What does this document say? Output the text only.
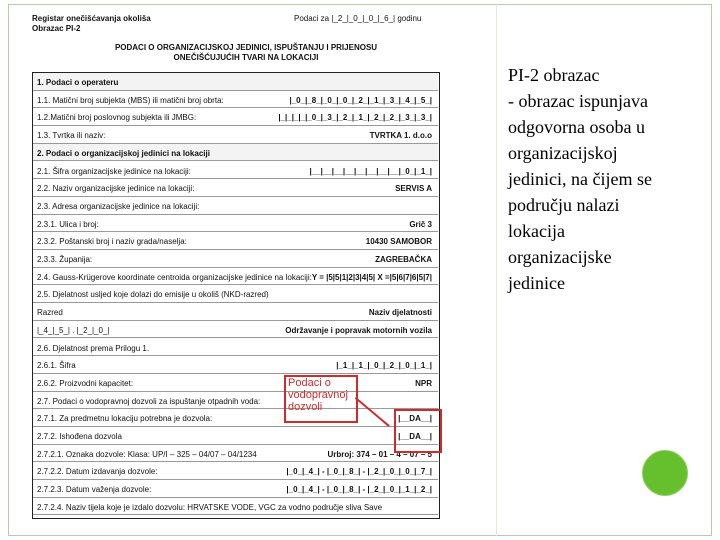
Registar onečišćavanja okoliša
Obrazac PI-2
Podaci za |_2_|_0_|_0_|_6_| godinu
PODACI O ORGANIZACIJSKOJ JEDINICI, ISPUŠTANJU I PRIJENOSU
ONEČIŠĆUJUĆIH TVARI NA LOKACIJI
1. Podaci o operateru
1.1. Matični broj subjekta (MBS) ili matični broj obrta:	|_0_|_8_|_0_|_0_|_2_|_1_|_3_|_4_|_5_|
1.2.Matični broj poslovnog subjekta ili JMBG:	|_|_|_|_|_0_|_3_|_2_|_1_|_2_|_2_|_3_|_3_|
1.3. Tvrtka ili naziv:	TVRTKA 1. d.o.o
2. Podaci o organizacijskoj jedinici na lokaciji
2.1. Šifra organizacijske jedinice na lokaciji:	|__|__|__|__|__|__|__|__|_0_|_1_|
2.2. Naziv organizacijske jedinice na lokaciji:	SERVIS A
2.3. Adresa organizacijske jedinice na lokaciji:
2.3.1. Ulica i broj:	Grič 3
2.3.2. Poštanski broj i naziv grada/naselja:	10430 SAMOBOR
2.3.3. Županija:	ZAGREBAČKA
2.4. Gauss-Krügerove koordinate centroida organizacijske jedinice na lokaciji: Y = |5|5|1|2|3|4|5| X =|5|6|7|6|5|7|
2.5. Djelatnost usljed koje dolazi do emisije u okoliš (NKD-razred)
Razred	Naziv djelatnosti
|_4_|_5_| . |_2_|_0_|	Održavanje i popravak motornih vozila
2.6. Djelatnost prema Prilogu 1.
2.6.1. Šifra	|_1_|_1_|_0_|_2_|_0_|_1_|
2.6.2. Proizvodni kapacitet:	NPR
2.7. Podaci o vodopravnoj dozvoli za ispuštanje otpadnih voda:
2.7.1. Za predmetnu lokaciju potrebna je dozvola:	|__DA__|
2.7.2. Ishođena dozvola	|__DA__|
2.7.2.1. Oznaka dozvole: Klasa: UP/I – 325 – 04/07 – 04/1234	Urbroj: 374 – 01 – 4 – 07 – 5
2.7.2.2. Datum izdavanja dozvole:	|_0_|_4_| - |_0_|_8_| - |_2_|_0_|_0_|_7_|
2.7.2.3. Datum važenja dozvole:	|_0_|_4_| - |_0_|_8_| - |_2_|_0_|_1_|_2_|
2.7.2.4. Naziv tijela koje je izdalo dozvolu: HRVATSKE VODE, VGC za vodno područje slivа Save
Podaci o
vodopravnoj
dozvoli
PI-2 obrazac
- obrazac ispunjava
odgovorna osoba u
organizacijskoj
jedinici, na čijem se
području nalazi
lokacija
organizacijske
jedinice
